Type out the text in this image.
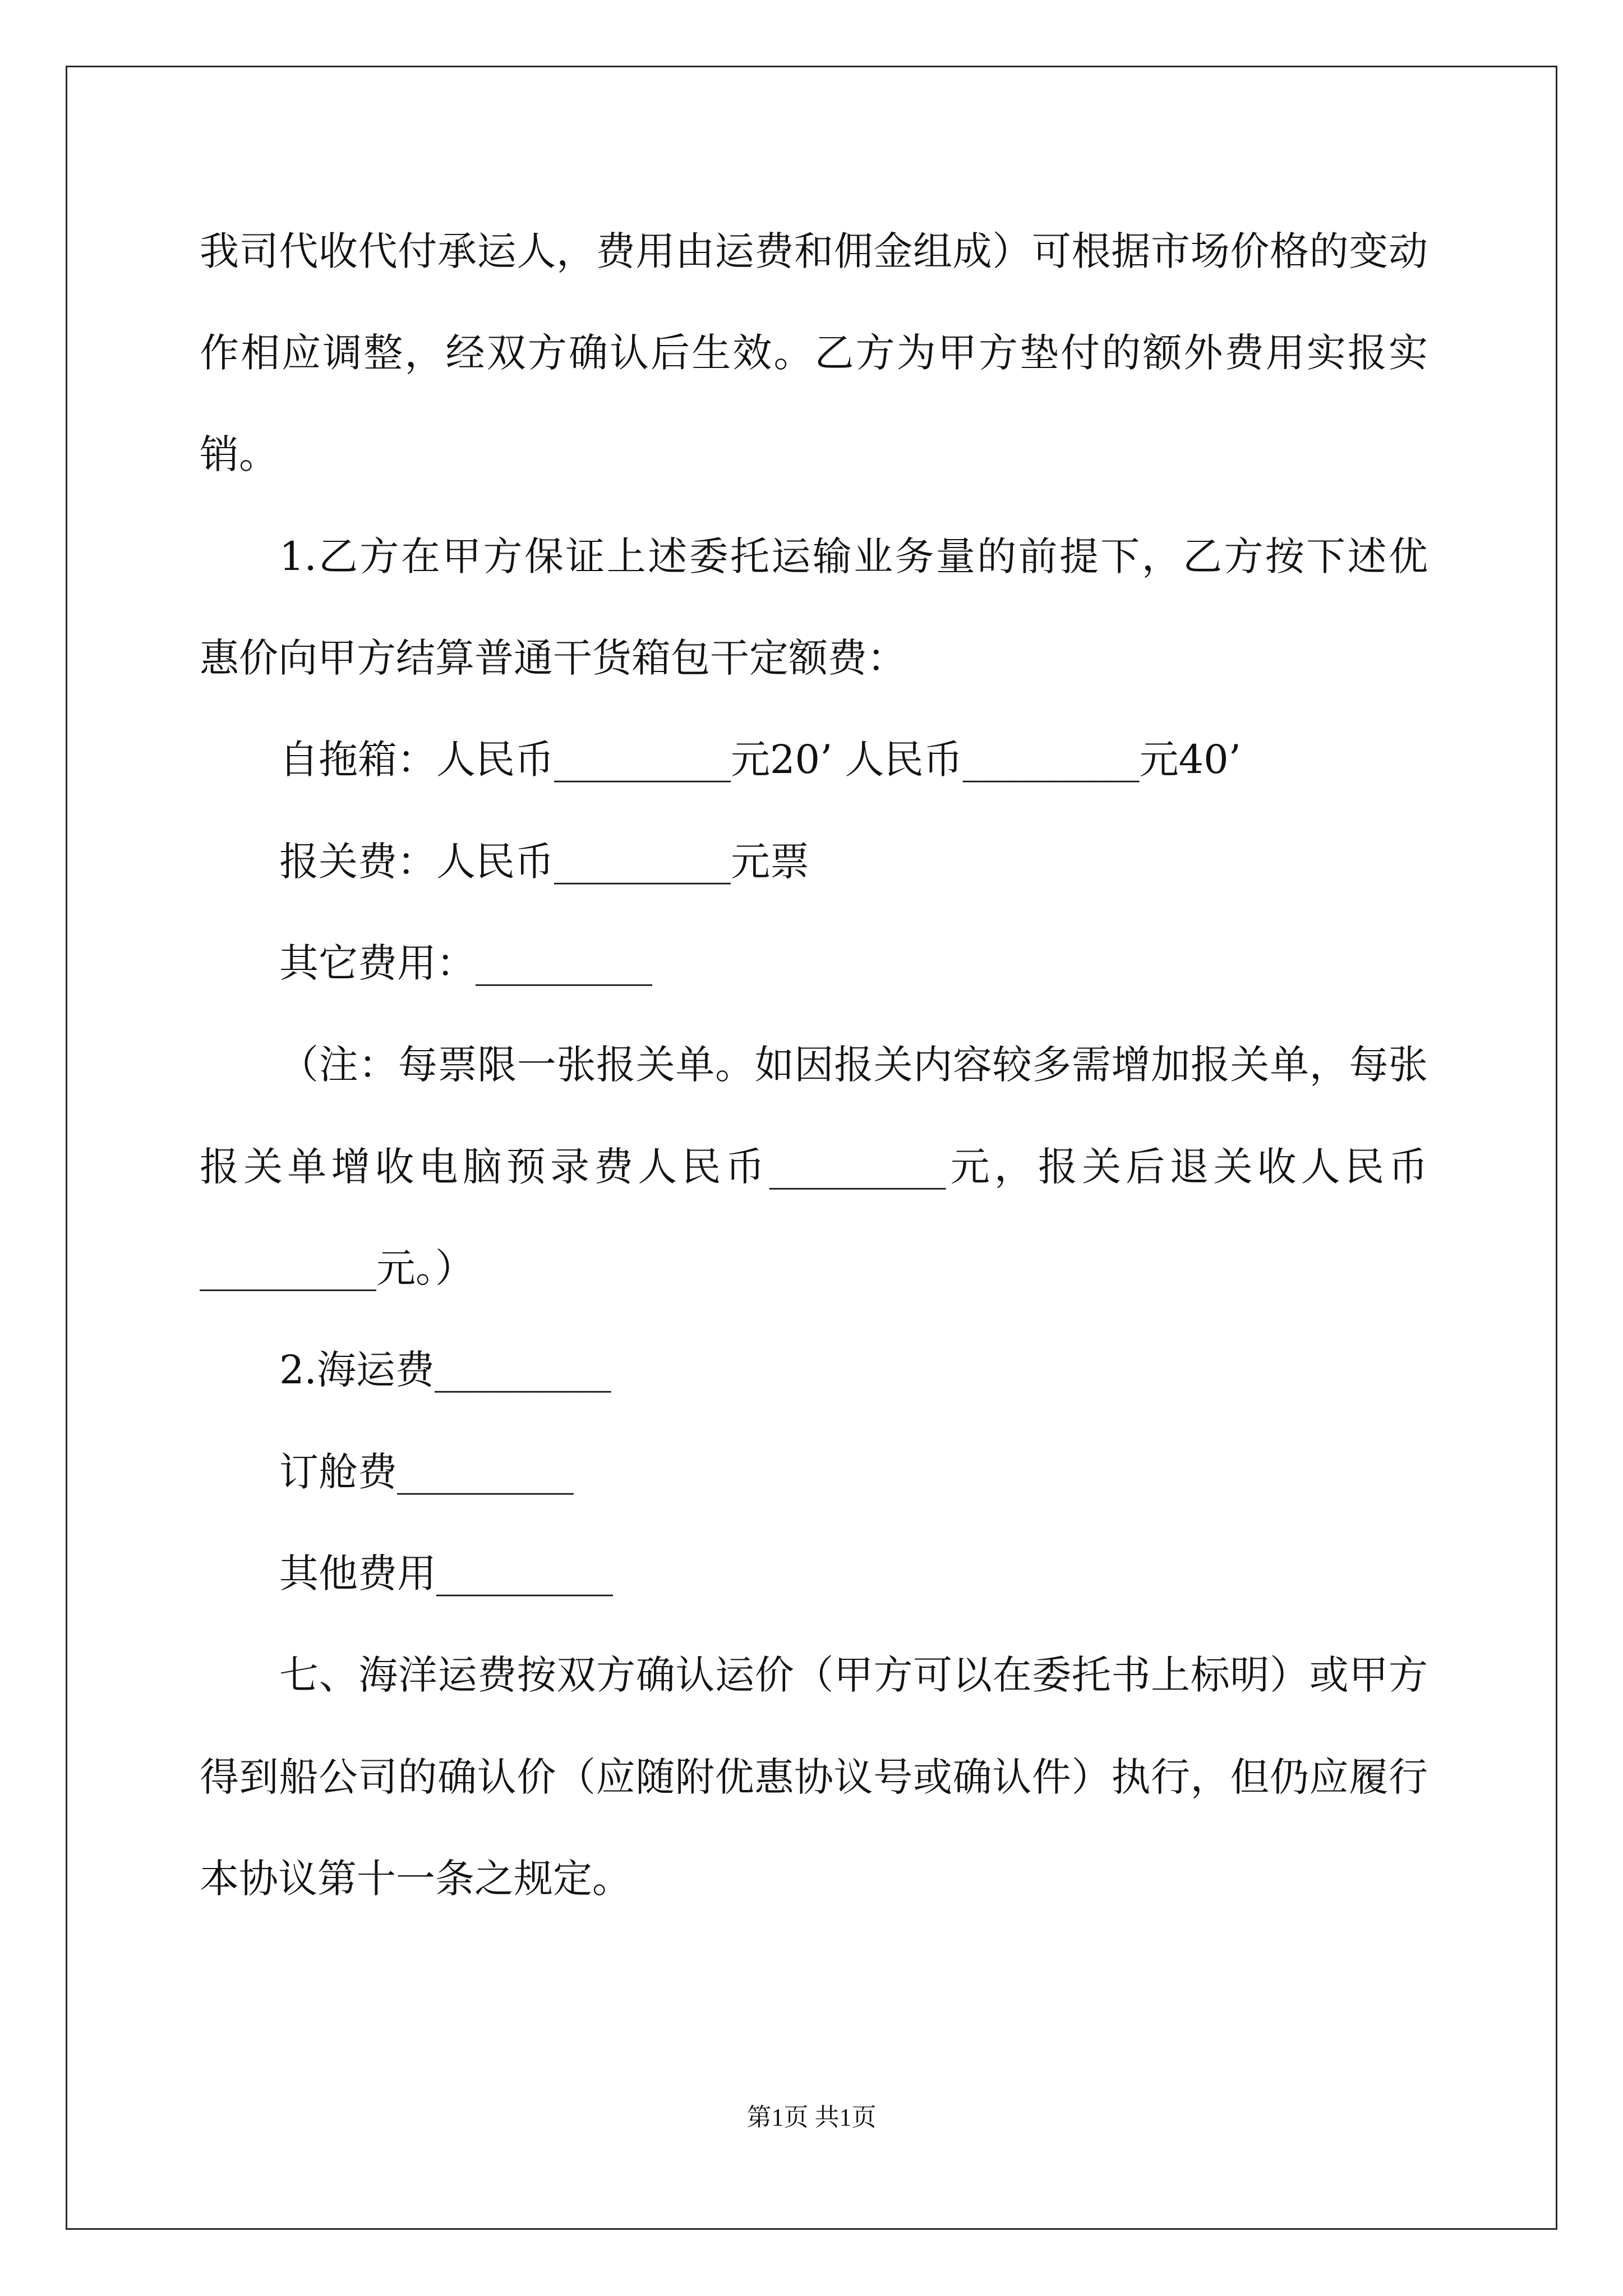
我司代收代付承运人，费用由运费和佣金组成）可根据市场价格的变动
作相应调整，经双方确认后生效。乙方为甲方垫付的额外费用实报实
销。
1.乙方在甲方保证上述委托运输业务量的前提下，乙方按下述优
惠价向甲方结算普通干货箱包干定额费：
自拖箱：人民币_________元20’ 人民币_________元40’
报关费：人民币_________元票
其它费用：_________
（注：每票限一张报关单。如因报关内容较多需增加报关单，每张
报关单增收电脑预录费人民币_________元，报关后退关收人民币
_________元。）
2.海运费_________
订舱费_________
其他费用_________
七、海洋运费按双方确认运价（甲方可以在委托书上标明）或甲方
得到船公司的确认价（应随附优惠协议号或确认件）执行，但仍应履行
本协议第十一条之规定。
第1页 共1页
